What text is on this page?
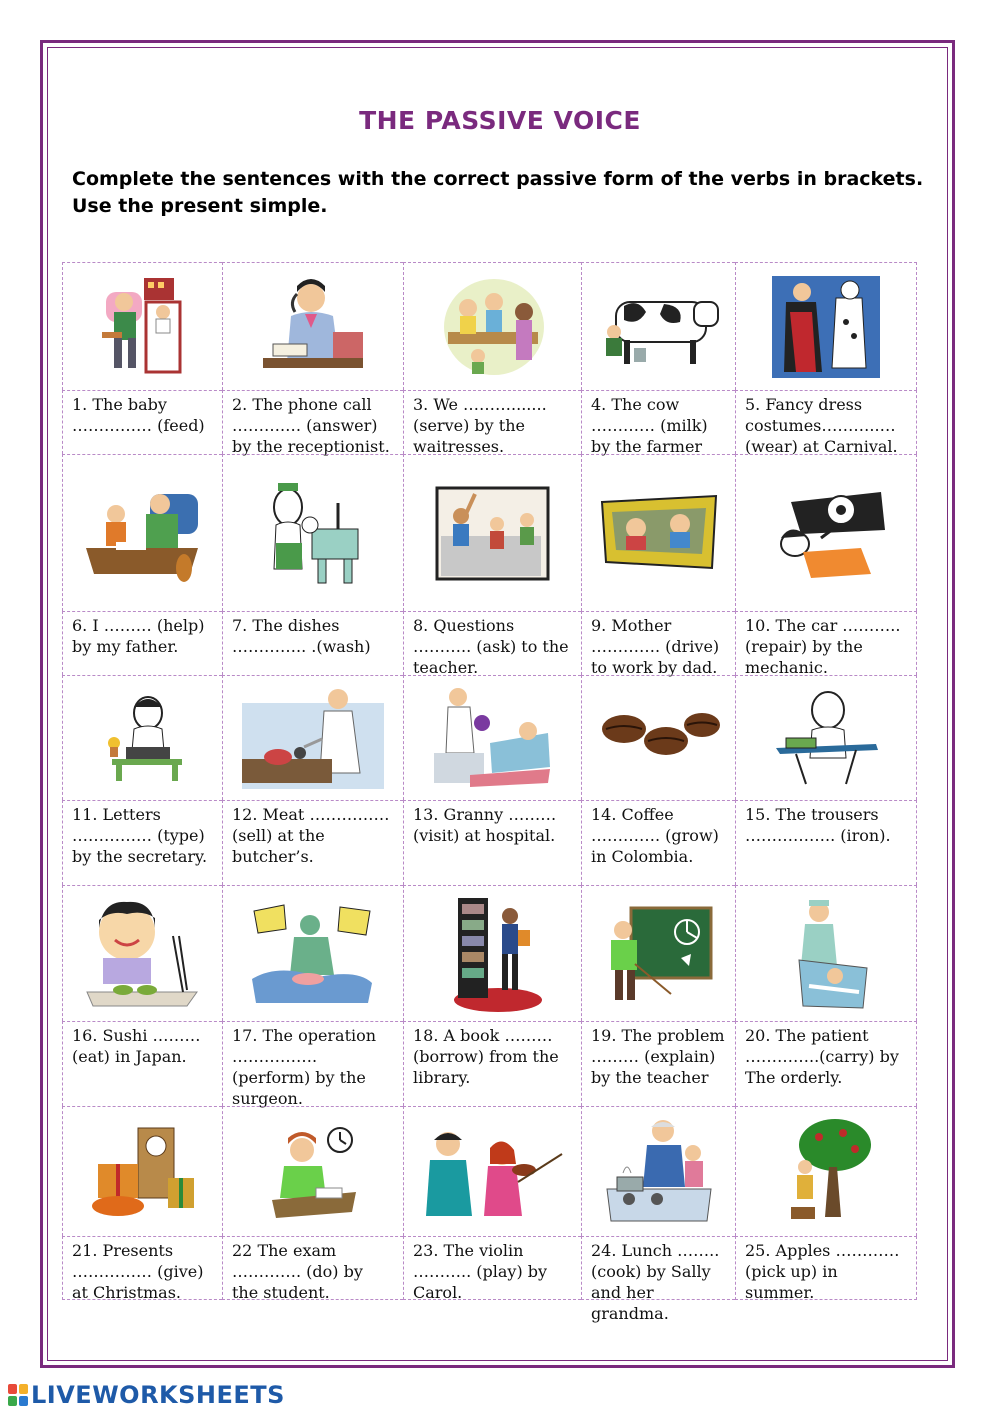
THE PASSIVE VOICE
Complete the sentences with the correct passive form of the verbs in brackets. Use the present simple.
1. The baby
…………… (feed)
2. The phone call
……….… (answer)
by the receptionist.
3. We ……….......
(serve) by the
waitresses.
4. The cow
………… (milk)
by the farmer
5. Fancy dress
costumes………..…
(wear) at Carnival.
6. I ……… (help)
by my father.
7. The dishes
………….. .(wash)
8. Questions
……….. (ask) to the
teacher.
9. Mother
…………. (drive)
to work by dad.
10. The car ………..
(repair) by the
mechanic.
11. Letters
…………… (type)
by the secretary.
12. Meat ……………
(sell) at the butcher’s.
13. Granny ………
(visit) at hospital.
14. Coffee
…………. (grow)
in Colombia.
15. The trousers
…………….. (iron).
16. Sushi ………
(eat) in Japan.
17. The operation
…………….
(perform) by the
surgeon.
18. A book ………
(borrow) from the
library.
19. The problem
……… (explain)
by the teacher
20. The patient
…………..(carry) by
The orderly.
21. Presents
…………… (give)
at Christmas.
22 The exam
…………. (do) by
the student.
23. The violin
……….. (play) by
Carol.
24. Lunch ……..
(cook) by Sally
and her grandma.
25. Apples …………
(pick up) in summer.
LIVEWORKSHEETS
